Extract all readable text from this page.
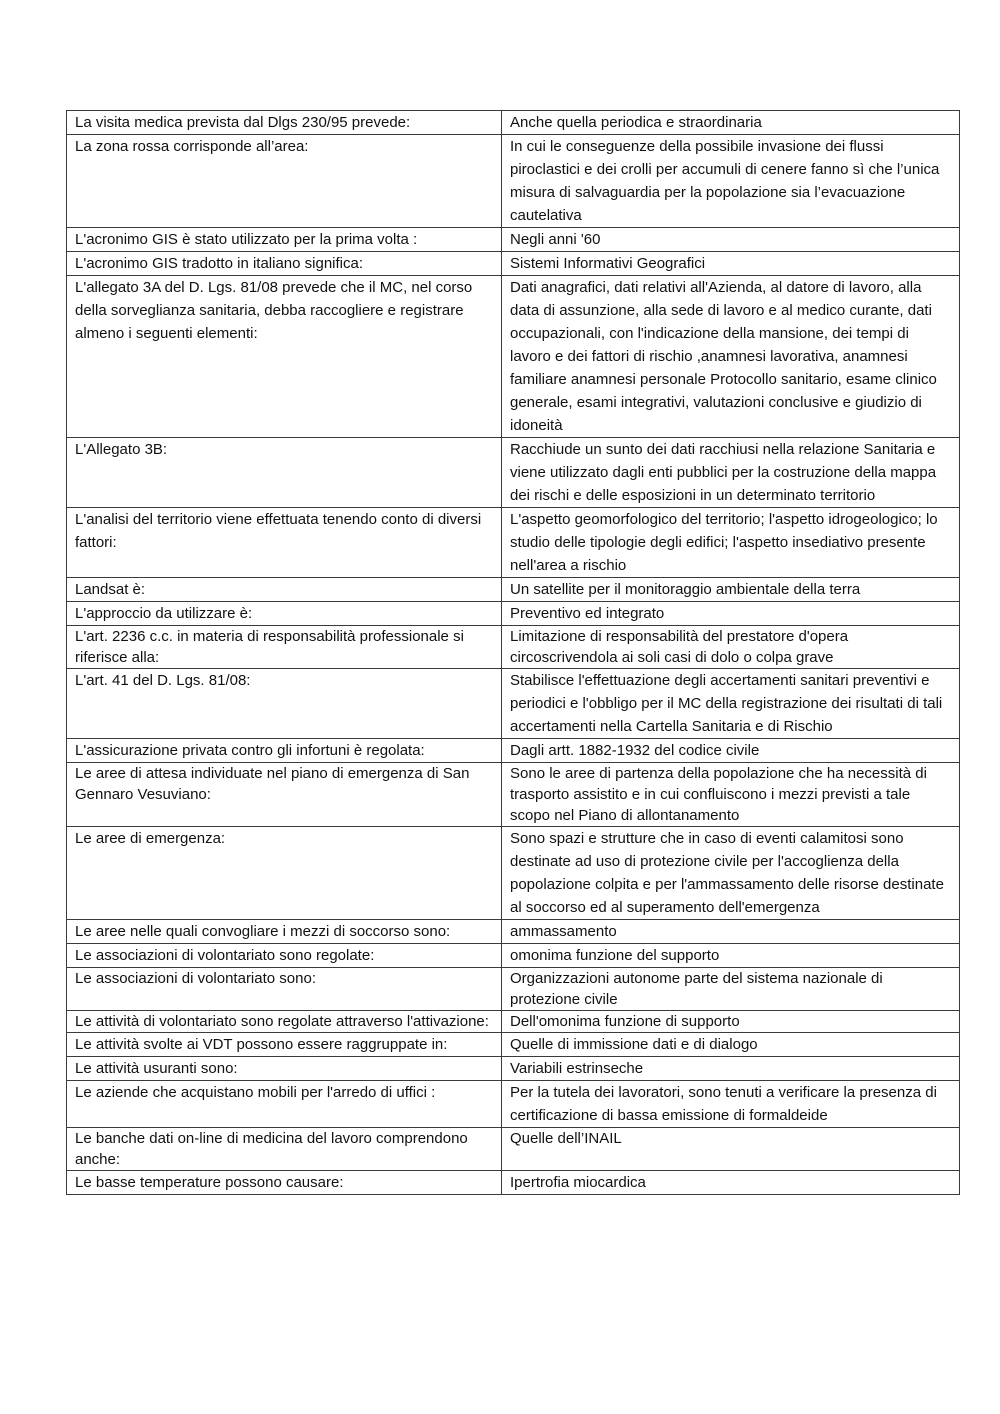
La visita medica prevista dal Dlgs 230/95 prevede:	Anche quella periodica e straordinaria
La zona rossa corrisponde all’area:	In cui le conseguenze della possibile invasione dei flussi piroclastici e dei crolli per accumuli di cenere fanno sì che l’unica misura di salvaguardia per la popolazione sia l’evacuazione cautelativa
L'acronimo GIS è stato utilizzato per la prima volta :	Negli anni '60
L'acronimo GIS tradotto in italiano significa:	Sistemi Informativi Geografici
L'allegato 3A del D. Lgs. 81/08 prevede che il MC, nel corso della sorveglianza sanitaria, debba raccogliere e registrare almeno i seguenti elementi:	Dati anagrafici, dati relativi all'Azienda, al datore di lavoro, alla data di assunzione, alla sede di lavoro e al medico curante, dati occupazionali, con l'indicazione della mansione, dei tempi di lavoro e dei fattori di rischio ,anamnesi lavorativa, anamnesi familiare anamnesi personale Protocollo sanitario, esame clinico generale, esami integrativi, valutazioni conclusive e giudizio di idoneità
L'Allegato 3B:	Racchiude un sunto dei dati racchiusi nella relazione Sanitaria e viene utilizzato dagli enti pubblici per la costruzione della mappa dei rischi e delle esposizioni in un determinato territorio
L'analisi del territorio viene effettuata tenendo conto di diversi fattori:	L'aspetto geomorfologico del territorio; l'aspetto idrogeologico; lo studio delle tipologie degli edifici; l'aspetto insediativo presente nell'area a rischio
Landsat è:	Un satellite per il monitoraggio ambientale della terra
L'approccio da utilizzare è:	Preventivo ed integrato
L'art. 2236 c.c. in materia di responsabilità professionale si riferisce alla:	Limitazione di responsabilità del prestatore d'opera circoscrivendola ai soli casi di dolo o colpa grave
L'art. 41 del D. Lgs. 81/08:	Stabilisce l'effettuazione degli accertamenti sanitari preventivi e periodici e l'obbligo per il MC della registrazione dei risultati di tali accertamenti nella Cartella Sanitaria e di Rischio
L'assicurazione privata contro gli infortuni è regolata:	Dagli artt. 1882-1932 del codice civile
Le aree di attesa individuate nel piano di emergenza di San Gennaro Vesuviano:	Sono le aree di partenza della popolazione che ha necessità di trasporto assistito e in cui confluiscono i mezzi previsti a tale scopo nel Piano di allontanamento
Le aree di emergenza:	Sono spazi e strutture che in caso di eventi calamitosi sono destinate ad uso di protezione civile per l'accoglienza della popolazione colpita e per l'ammassamento delle risorse destinate al soccorso ed al superamento dell'emergenza
Le aree nelle quali convogliare i mezzi di soccorso sono:	ammassamento
Le associazioni di volontariato sono regolate:	omonima funzione del supporto
Le associazioni di volontariato sono:	Organizzazioni autonome parte del sistema nazionale di protezione civile
Le attività di volontariato sono regolate attraverso l'attivazione:	Dell'omonima funzione di supporto
Le attività svolte ai VDT possono essere raggruppate in:	Quelle di immissione dati e di dialogo
Le attività usuranti sono:	Variabili estrinseche
Le aziende che acquistano mobili per l'arredo di uffici :	Per la tutela dei lavoratori, sono tenuti a verificare la presenza di certificazione di bassa emissione di formaldeide
Le banche dati on-line di medicina del lavoro comprendono anche:	Quelle dell’INAIL
Le basse temperature possono causare:	Ipertrofia miocardica
